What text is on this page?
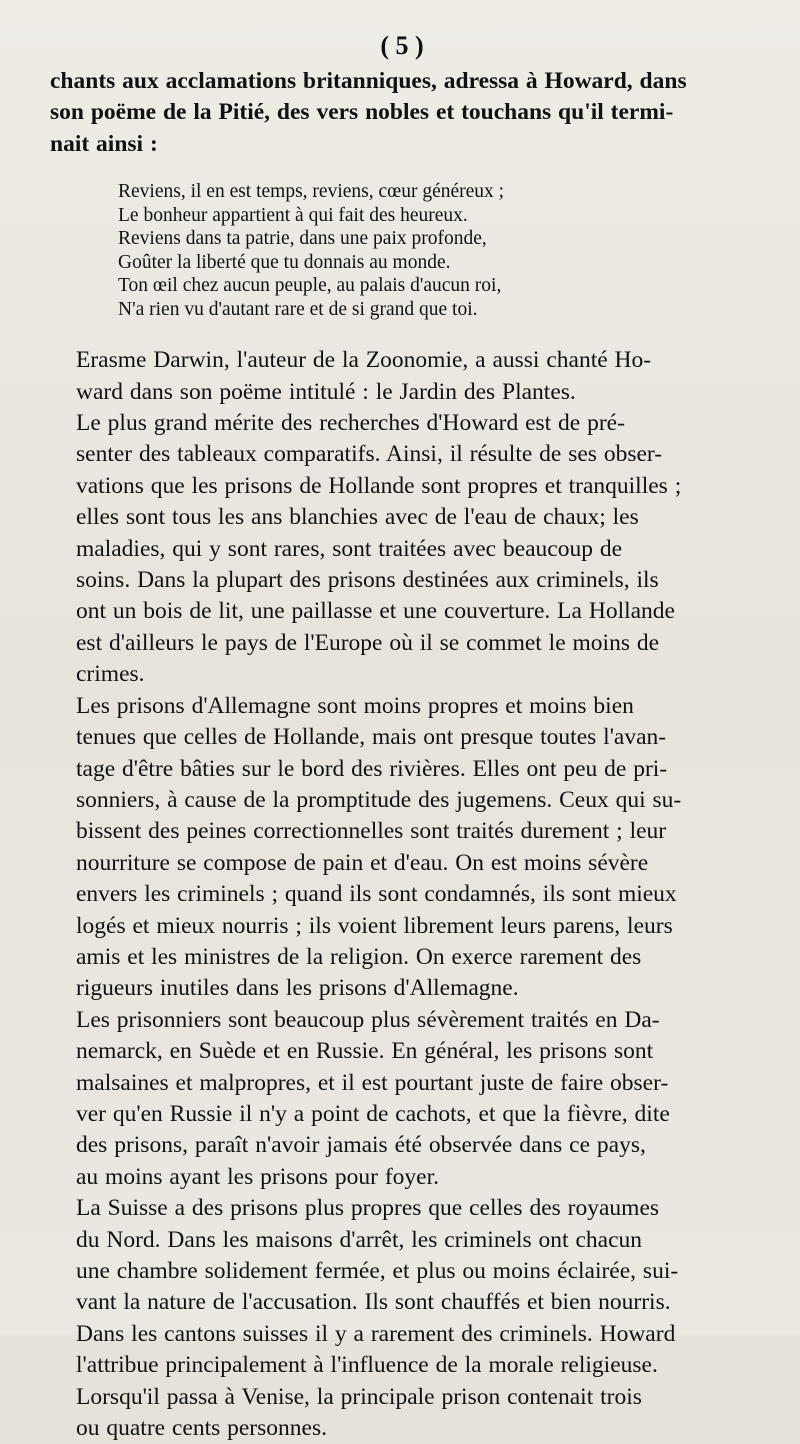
( 5 )

chants aux acclamations britanniques, adressa à Howard, dans
son poëme de la Pitié, des vers nobles et touchans qu'il termi-
nait ainsi :

Reviens, il en est temps, reviens, cœur généreux ;
Le bonheur appartient à qui fait des heureux.
Reviens dans ta patrie, dans une paix profonde,
Goûter la liberté que tu donnais au monde.
Ton œil chez aucun peuple, au palais d'aucun roi,
N'a rien vu d'autant rare et de si grand que toi.

Erasme Darwin, l'auteur de la Zoonomie, a aussi chanté Ho-
ward dans son poëme intitulé : le Jardin des Plantes.

Le plus grand mérite des recherches d'Howard est de pré-
senter des tableaux comparatifs. Ainsi, il résulte de ses obser-
vations que les prisons de Hollande sont propres et tranquilles ;
elles sont tous les ans blanchies avec de l'eau de chaux; les
maladies, qui y sont rares, sont traitées avec beaucoup de
soins. Dans la plupart des prisons destinées aux criminels, ils
ont un bois de lit, une paillasse et une couverture. La Hollande
est d'ailleurs le pays de l'Europe où il se commet le moins de
crimes.

Les prisons d'Allemagne sont moins propres et moins bien
tenues que celles de Hollande, mais ont presque toutes l'avan-
tage d'être bâties sur le bord des rivières. Elles ont peu de pri-
sonniers, à cause de la promptitude des jugemens. Ceux qui su-
bissent des peines correctionnelles sont traités durement ; leur
nourriture se compose de pain et d'eau. On est moins sévère
envers les criminels ; quand ils sont condamnés, ils sont mieux
logés et mieux nourris ; ils voient librement leurs parens, leurs
amis et les ministres de la religion. On exerce rarement des
rigueurs inutiles dans les prisons d'Allemagne.

Les prisonniers sont beaucoup plus sévèrement traités en Da-
nemarck, en Suède et en Russie. En général, les prisons sont
malsaines et malpropres, et il est pourtant juste de faire obser-
ver qu'en Russie il n'y a point de cachots, et que la fièvre, dite
des prisons, paraît n'avoir jamais été observée dans ce pays,
au moins ayant les prisons pour foyer.

La Suisse a des prisons plus propres que celles des royaumes
du Nord. Dans les maisons d'arrêt, les criminels ont chacun
une chambre solidement fermée, et plus ou moins éclairée, sui-
vant la nature de l'accusation. Ils sont chauffés et bien nourris.
Dans les cantons suisses il y a rarement des criminels. Howard
l'attribue principalement à l'influence de la morale religieuse.

Lorsqu'il passa à Venise, la principale prison contenait trois
ou quatre cents personnes.
